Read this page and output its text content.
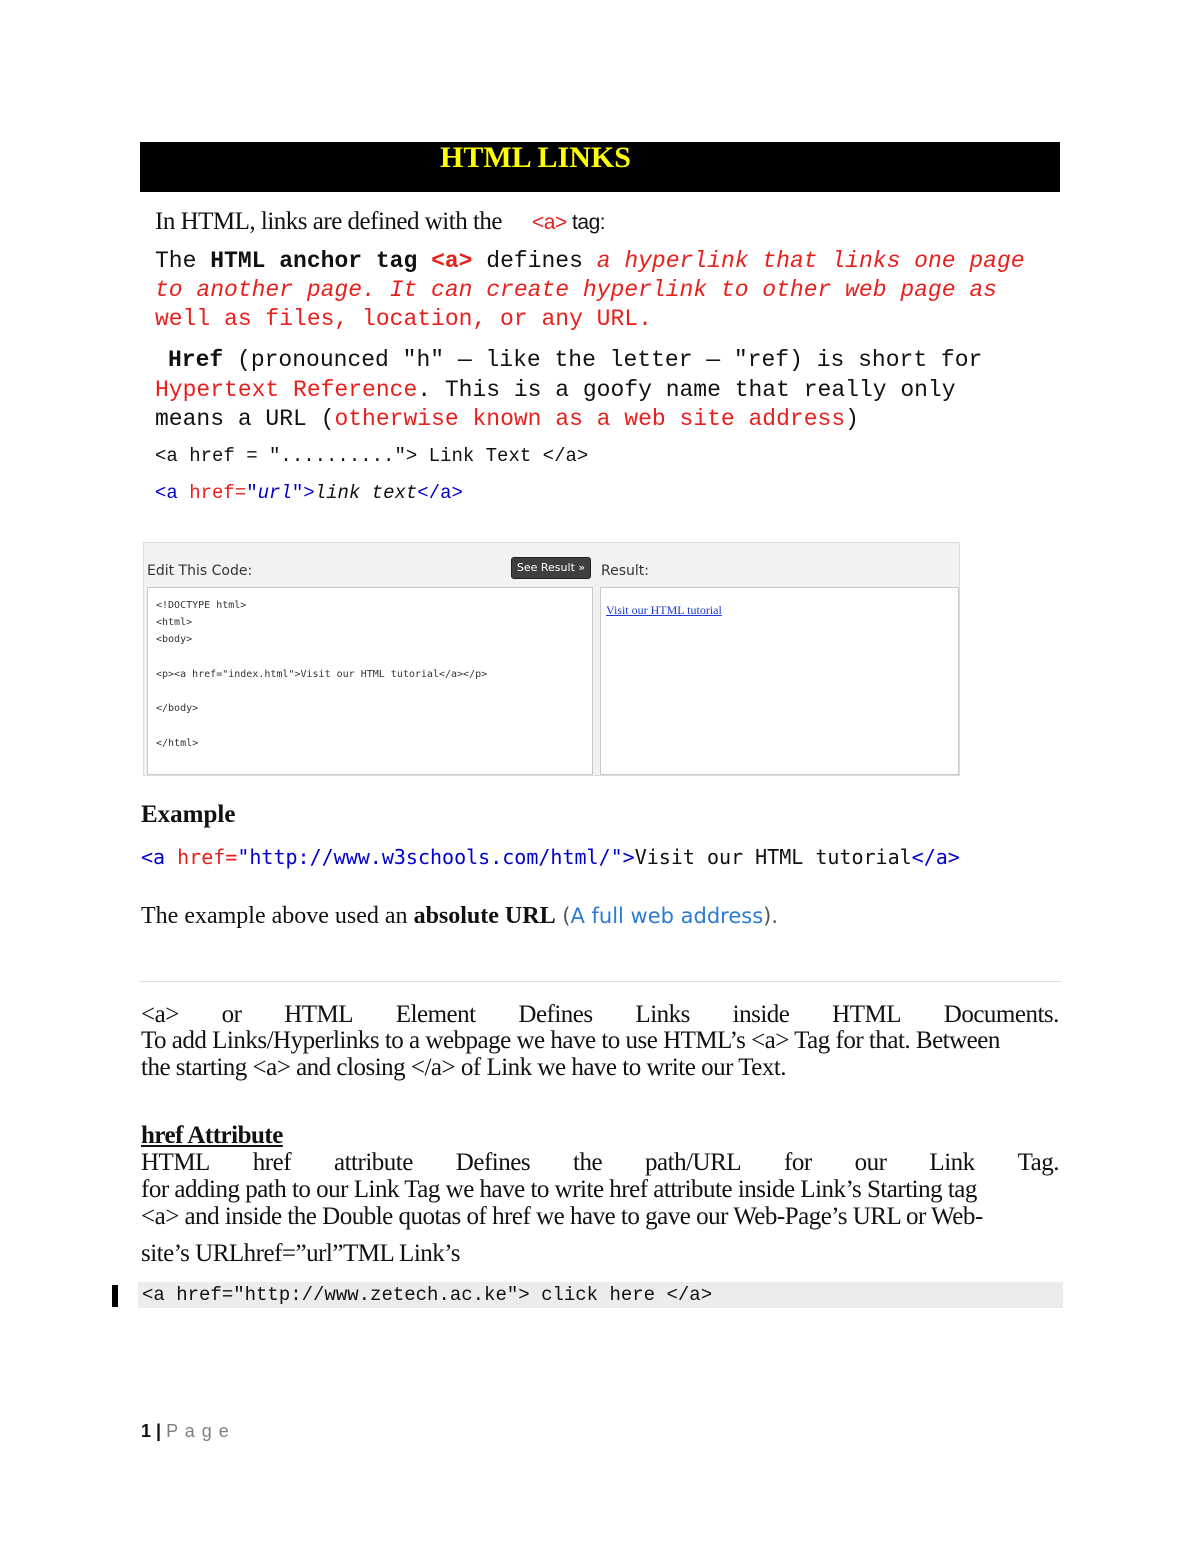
HTML LINKS
In HTML, links are defined with the <a> tag:
The HTML anchor tag <a> defines a hyperlink that links one page
to another page. It can create hyperlink to other web page as
well as files, location, or any URL.
Href (pronounced "h" — like the letter — "ref) is short for
Hypertext Reference. This is a goofy name that really only
means a URL (otherwise known as a web site address)
<a href = ".........."> Link Text </a>
<a href="url">link text</a>
Edit This Code:	See Result »	Result:
<!DOCTYPE html>
<html>
<body>
<p><a href="index.html">Visit our HTML tutorial</a></p>
</body>
</html>
Visit our HTML tutorial
Example
<a href="http://www.w3schools.com/html/">Visit our HTML tutorial</a>
The example above used an absolute URL (A full web address).
<a> or HTML Element Defines Links inside HTML Documents.
To add Links/Hyperlinks to a webpage we have to use HTML’s <a> Tag for that. Between
the starting <a> and closing </a> of Link we have to write our Text.
href Attribute
HTML href attribute Defines the path/URL for our Link Tag.
for adding path to our Link Tag we have to write href attribute inside Link’s Starting tag
<a> and inside the Double quotas of href we have to gave our Web-Page’s URL or Web-
site’s URLhref=”url”TML Link’s
<a href="http://www.zetech.ac.ke"> click here </a>
1 | P a g e
